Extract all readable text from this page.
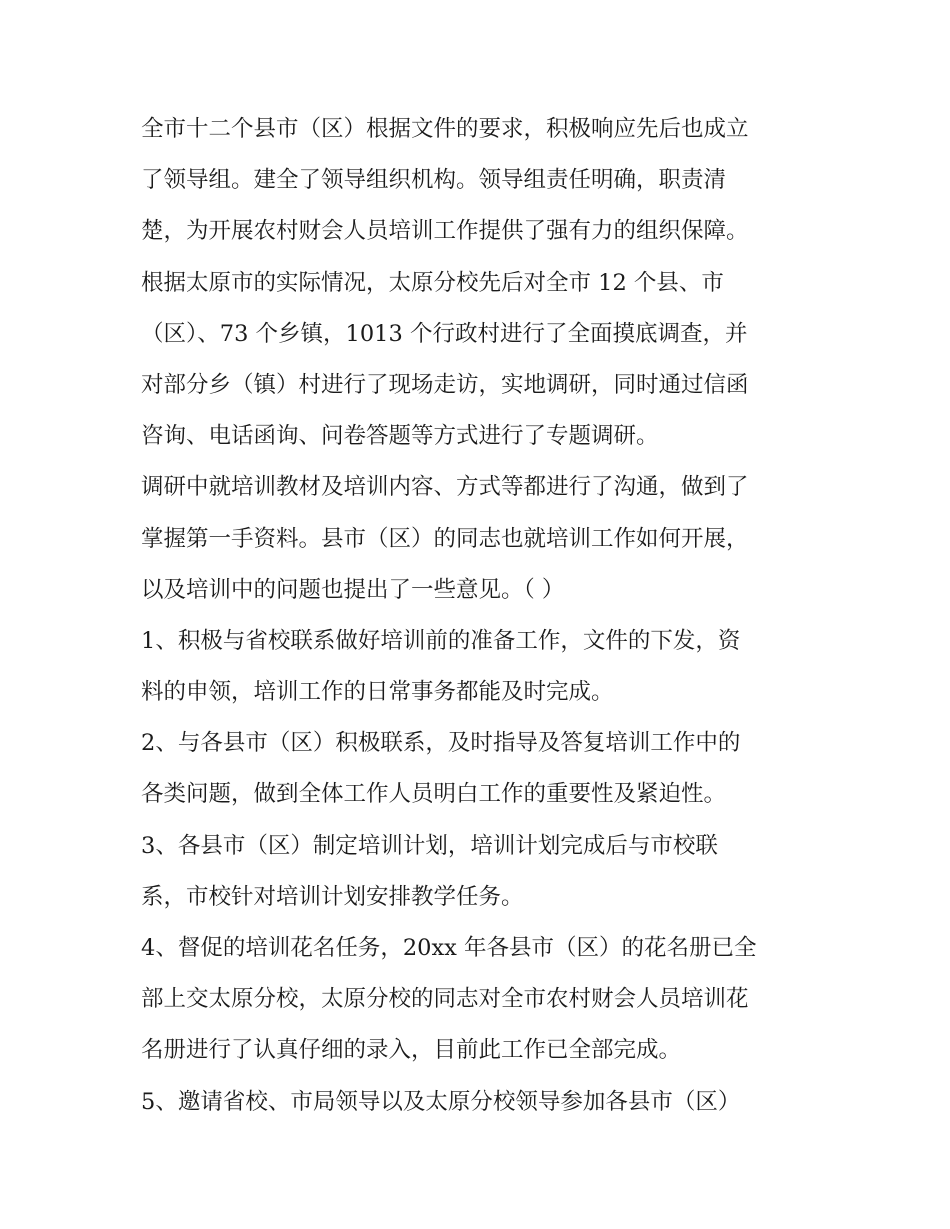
全市十二个县市（区）根据文件的要求，积极响应先后也成立
了领导组。建全了领导组织机构。领导组责任明确，职责清
楚，为开展农村财会人员培训工作提供了强有力的组织保障。
根据太原市的实际情况，太原分校先后对全市 12 个县、市
（区）、73 个乡镇，1013 个行政村进行了全面摸底调查，并
对部分乡（镇）村进行了现场走访，实地调研，同时通过信函
咨询、电话函询、问卷答题等方式进行了专题调研。
调研中就培训教材及培训内容、方式等都进行了沟通，做到了
掌握第一手资料。县市（区）的同志也就培训工作如何开展，
以及培训中的问题也提出了一些意见。（ ）
1、积极与省校联系做好培训前的准备工作，文件的下发，资
料的申领，培训工作的日常事务都能及时完成。
2、与各县市（区）积极联系，及时指导及答复培训工作中的
各类问题，做到全体工作人员明白工作的重要性及紧迫性。
3、各县市（区）制定培训计划，培训计划完成后与市校联
系，市校针对培训计划安排教学任务。
4、督促的培训花名任务，20xx 年各县市（区）的花名册已全
部上交太原分校，太原分校的同志对全市农村财会人员培训花
名册进行了认真仔细的录入，目前此工作已全部完成。
5、邀请省校、市局领导以及太原分校领导参加各县市（区）
